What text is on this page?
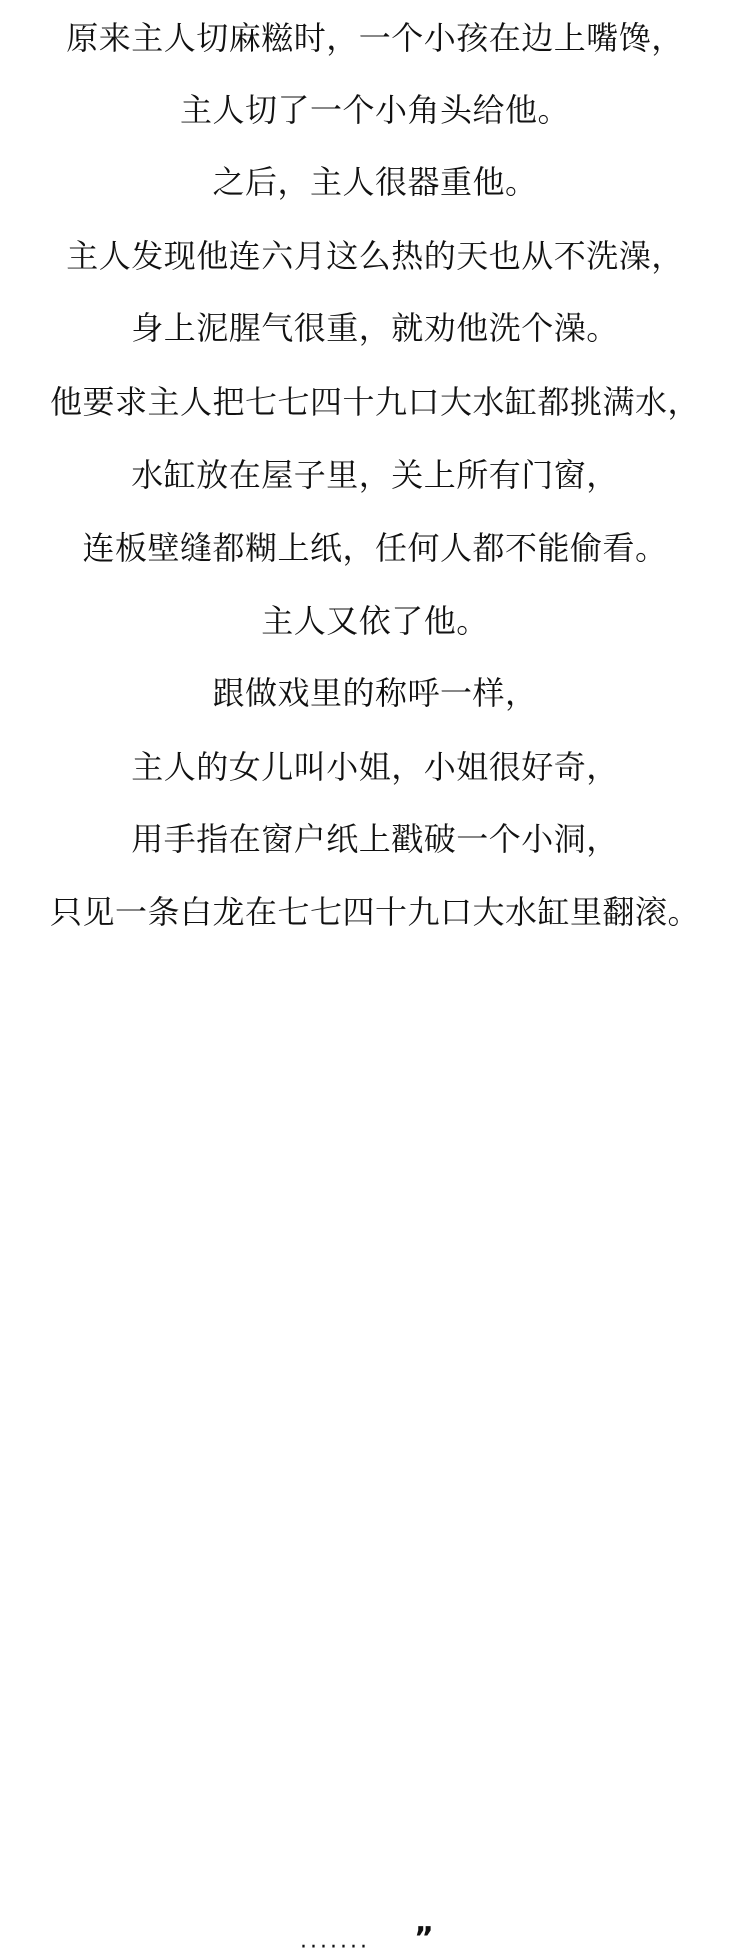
原来主人切麻糍时，一个小孩在边上嘴馋，
主人切了一个小角头给他。
之后，主人很器重他。
主人发现他连六月这么热的天也从不洗澡，
身上泥腥气很重，就劝他洗个澡。
他要求主人把七七四十九口大水缸都挑满水，
水缸放在屋子里，关上所有门窗，
连板壁缝都糊上纸，任何人都不能偷看。
主人又依了他。
跟做戏里的称呼一样，
主人的女儿叫小姐，小姐很好奇，
用手指在窗户纸上戳破一个小洞，
只见一条白龙在七七四十九口大水缸里翻滚。
······· ”
